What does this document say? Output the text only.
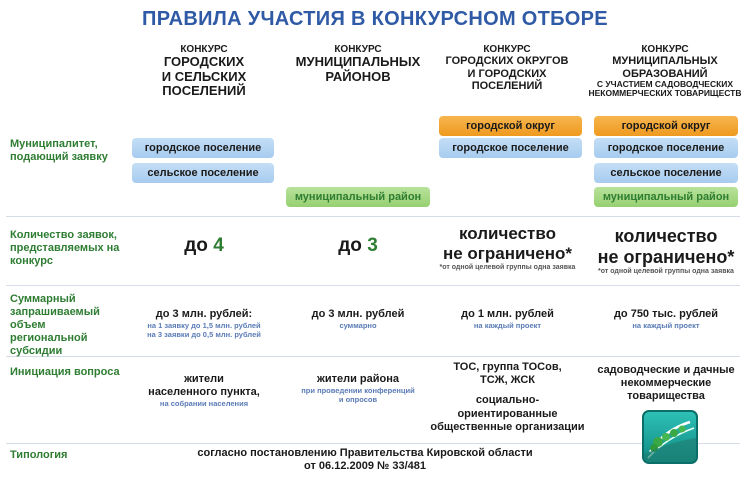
ПРАВИЛА УЧАСТИЯ В КОНКУРСНОМ ОТБОРЕ
КОНКУРС
ГОРОДСКИХ
И СЕЛЬСКИХ
ПОСЕЛЕНИЙ
КОНКУРС
МУНИЦИПАЛЬНЫХ
РАЙОНОВ
КОНКУРС
ГОРОДСКИХ ОКРУГОВ
И ГОРОДСКИХ
ПОСЕЛЕНИЙ
КОНКУРС
МУНИЦИПАЛЬНЫХ
ОБРАЗОВАНИЙ
С УЧАСТИЕМ САДОВОДЧЕСКИХ
НЕКОММЕРЧЕСКИХ ТОВАРИЩЕСТВ
Муниципалитет, подающий заявку
Количество заявок, представляемых на конкурс
Суммарный запрашиваемый объем региональной субсидии
Инициация вопроса
Типология
городское поселение
сельское поселение
муниципальный район
городской округ
городское поселение
городской округ
городское поселение
сельское поселение
муниципальный район
до 4	до 3
количество
не ограничено*
*от одной целевой группы одна заявка
количество
не ограничено*
*от одной целевой группы одна заявка
до 3 млн. рублей:
на 1 заявку до 1,5 млн. рублей
на 3 заявки до 0,5 млн. рублей
до 3 млн. рублей
суммарно
до 1 млн. рублей
на каждый проект
до 750 тыс. рублей
на каждый проект
жители
населенного пункта,
на собрании населения
жители района
при проведении конференций
и опросов
ТОС, группа ТОСов,
ТСЖ, ЖСК
социально-
ориентированные
общественные организации
садоводческие и дачные
некоммерческие
товарищества
согласно постановлению Правительства Кировской области
от 06.12.2009 № 33/481
